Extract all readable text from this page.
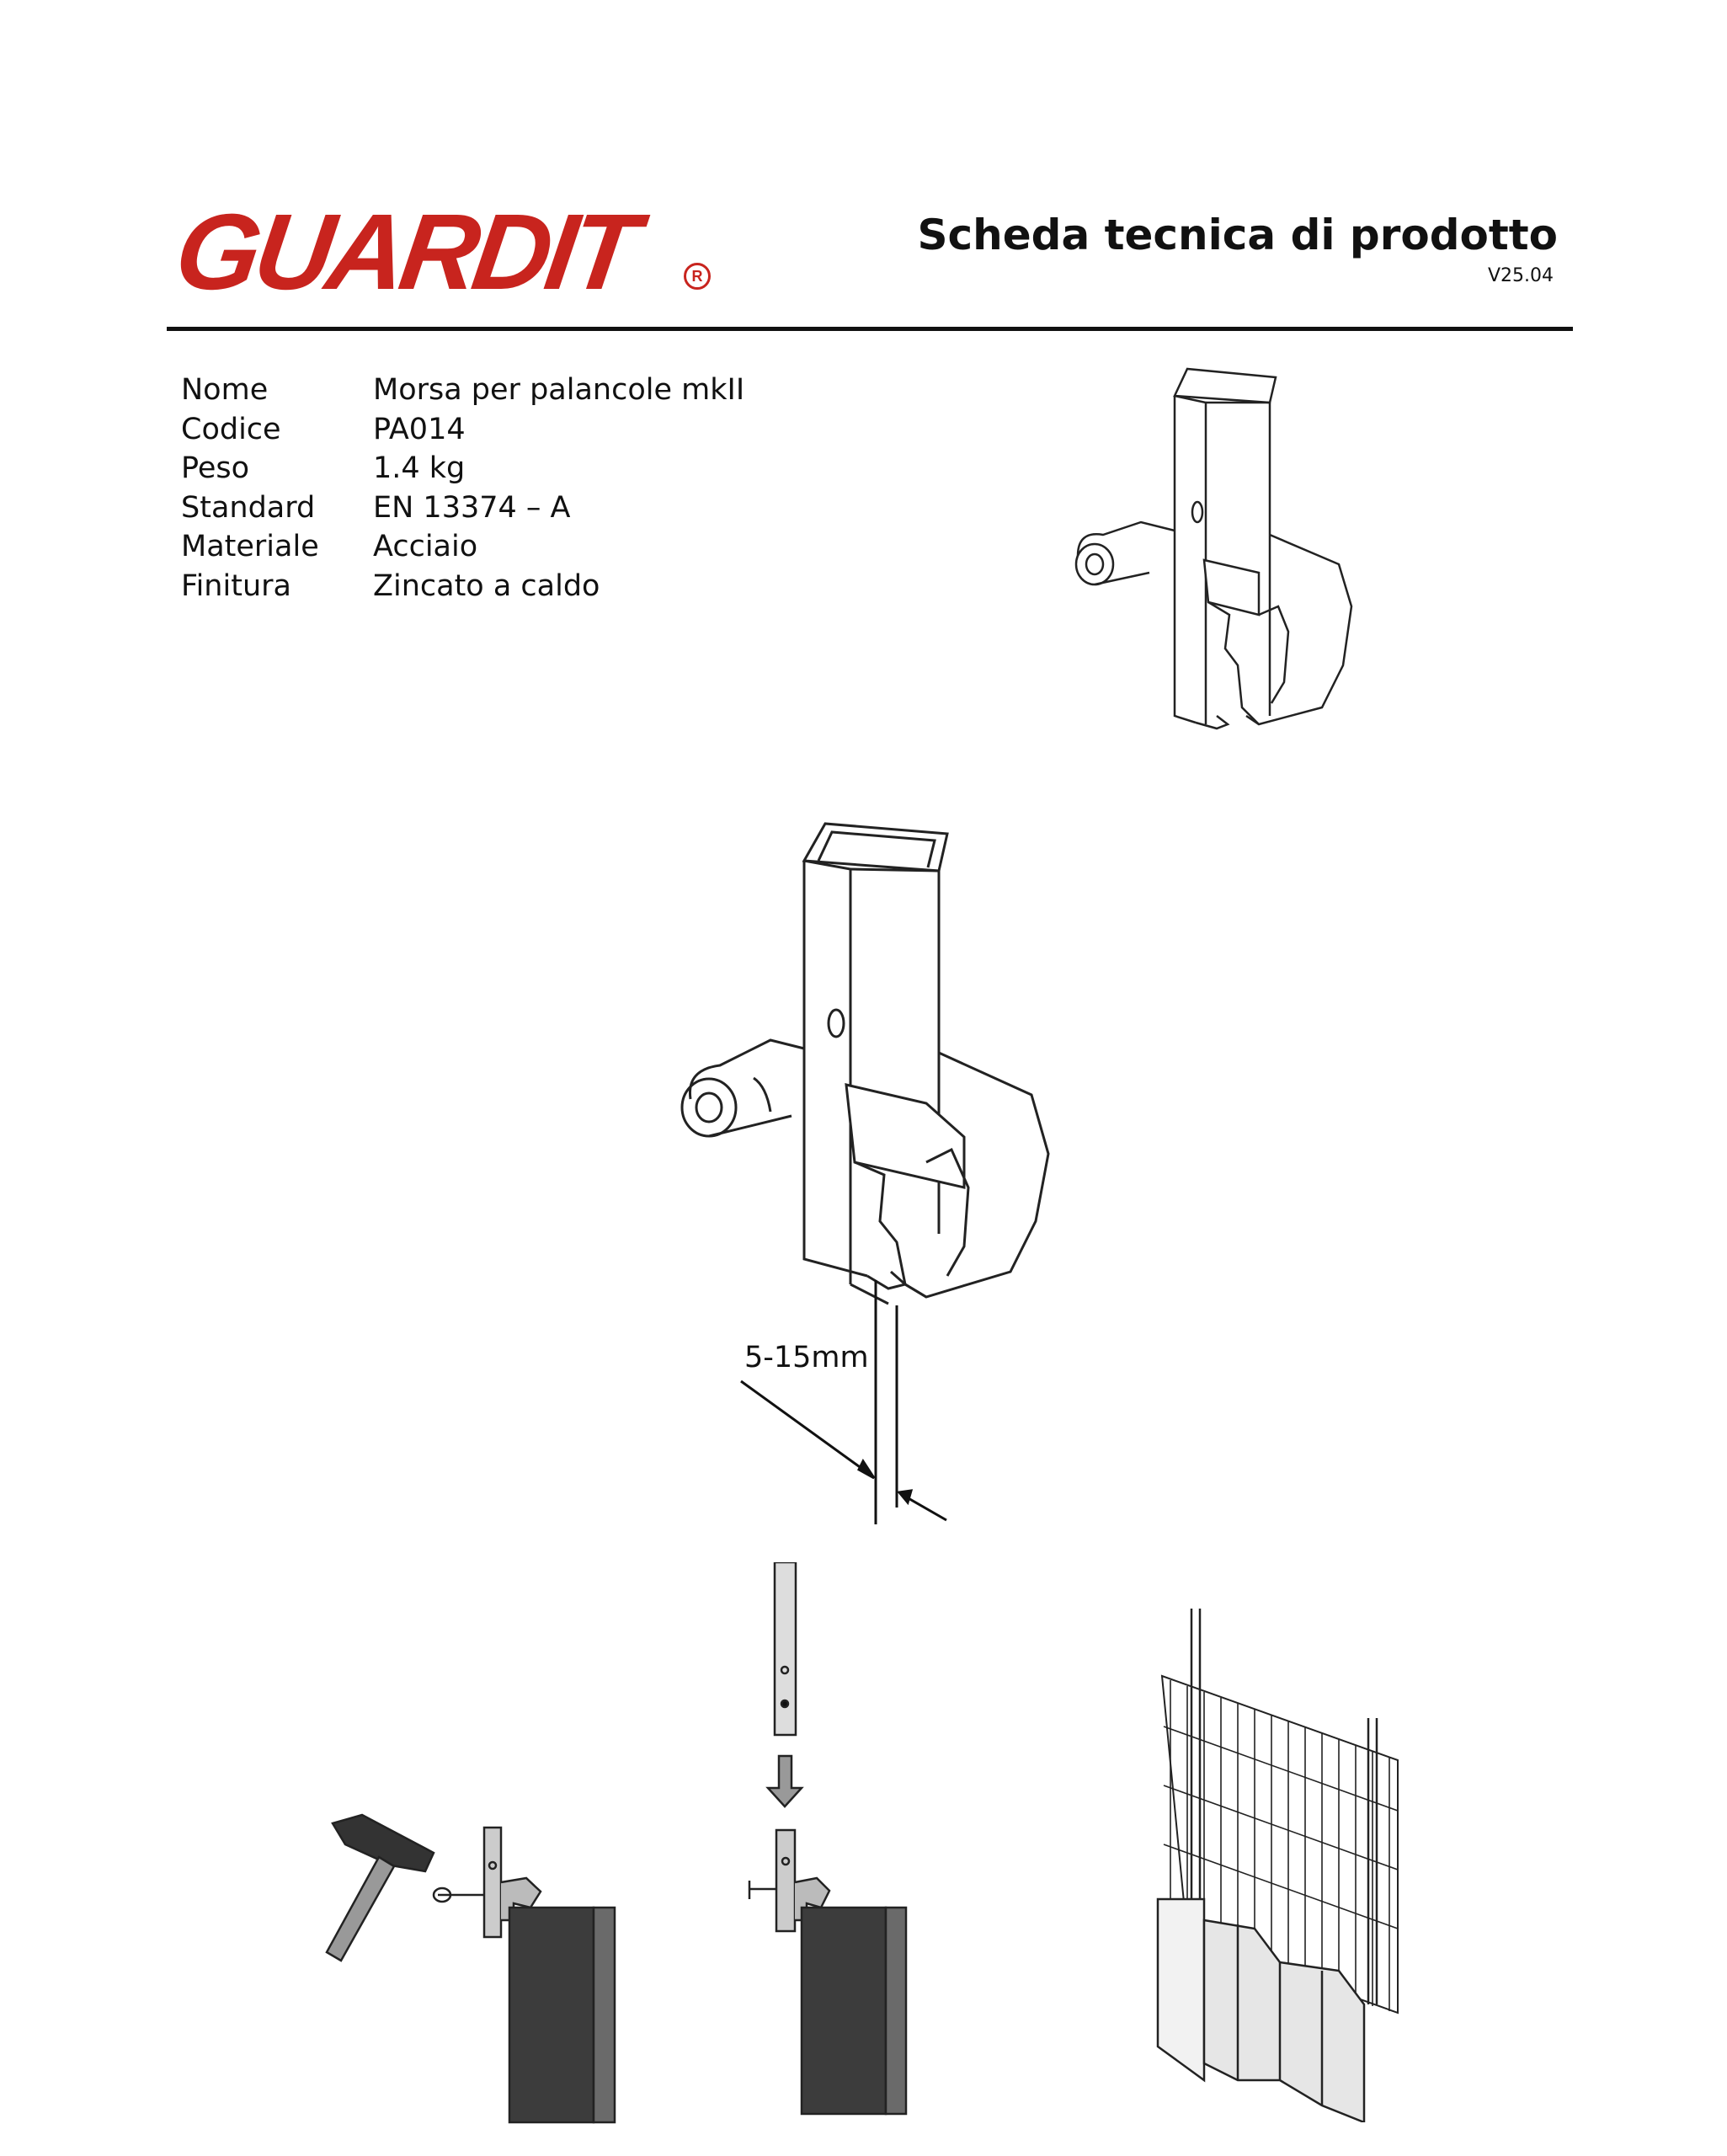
GUARDIT	R
Scheda tecnica di prodotto
V25.04
Nome	Morsa per palancole mkII
Codice	PA014
Peso	1.4 kg
Standard	EN 13374 – A
Materiale	Acciaio
Finitura	Zincato a caldo
5-15mm
